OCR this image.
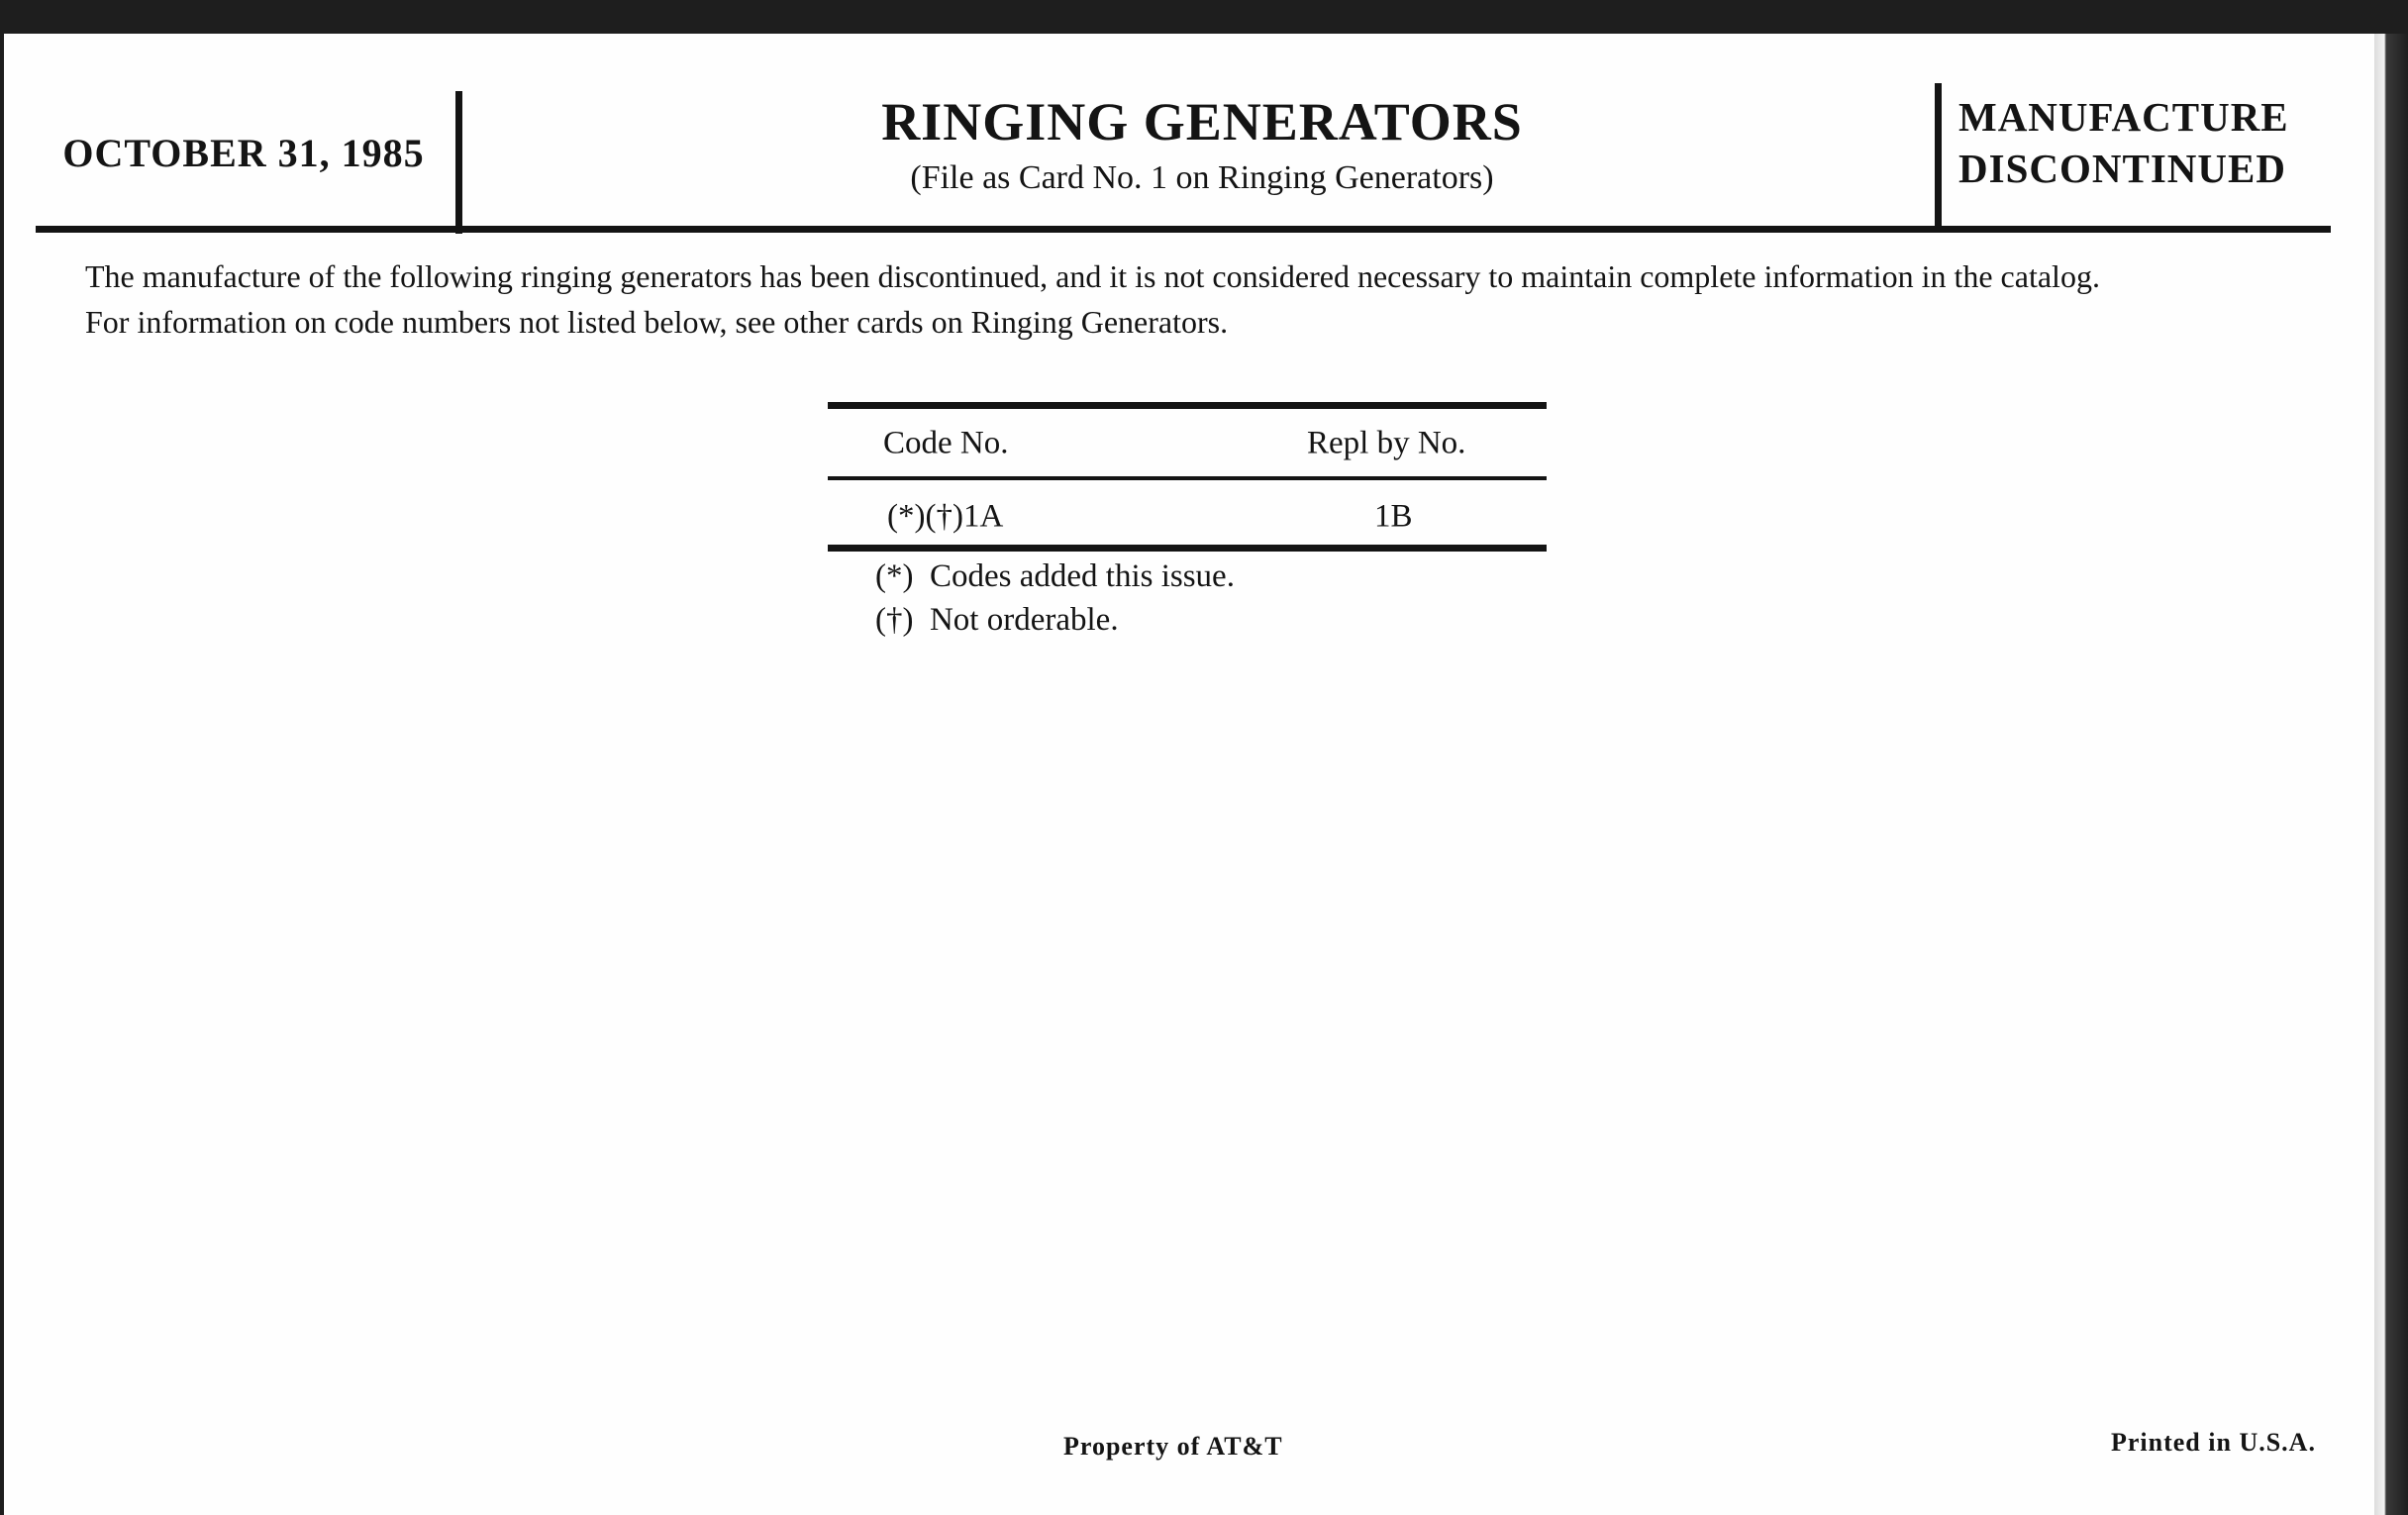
OCTOBER 31, 1985
RINGING GENERATORS
(File as Card No. 1 on Ringing Generators)
MANUFACTURE
DISCONTINUED

The manufacture of the following ringing generators has been discontinued, and it is not considered necessary to maintain complete information in the catalog.

For information on code numbers not listed below, see other cards on Ringing Generators.

Code No.	Repl by No.
(*)(†)1A	1B
(*)  Codes added this issue.
(†)  Not orderable.
Property of AT&T	Printed in U.S.A.
